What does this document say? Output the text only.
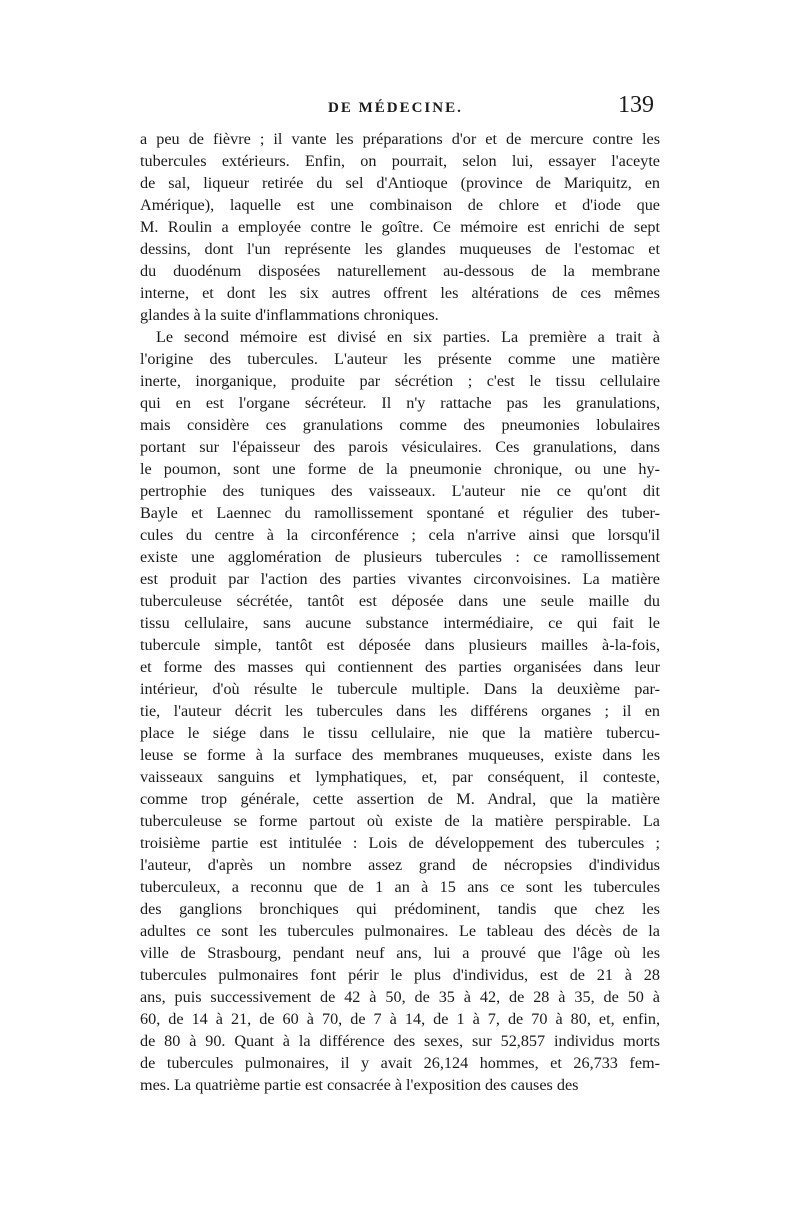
DE MÉDECINE.	139

a peu de fièvre ; il vante les préparations d'or et de mercure contre les
tubercules extérieurs. Enfin, on pourrait, selon lui, essayer l'aceyte
de sal, liqueur retirée du sel d'Antioque (province de Mariquitz, en
Amérique), laquelle est une combinaison de chlore et d'iode que
M. Roulin a employée contre le goître. Ce mémoire est enrichi de sept
dessins, dont l'un représente les glandes muqueuses de l'estomac et
du duodénum disposées naturellement au-dessous de la membrane
interne, et dont les six autres offrent les altérations de ces mêmes
glandes à la suite d'inflammations chroniques.

Le second mémoire est divisé en six parties. La première a trait à
l'origine des tubercules. L'auteur les présente comme une matière
inerte, inorganique, produite par sécrétion ; c'est le tissu cellulaire
qui en est l'organe sécréteur. Il n'y rattache pas les granulations,
mais considère ces granulations comme des pneumonies lobulaires
portant sur l'épaisseur des parois vésiculaires. Ces granulations, dans
le poumon, sont une forme de la pneumonie chronique, ou une hy-
pertrophie des tuniques des vaisseaux. L'auteur nie ce qu'ont dit
Bayle et Laennec du ramollissement spontané et régulier des tuber-
cules du centre à la circonférence ; cela n'arrive ainsi que lorsqu'il
existe une agglomération de plusieurs tubercules : ce ramollissement
est produit par l'action des parties vivantes circonvoisines. La matière
tuberculeuse sécrétée, tantôt est déposée dans une seule maille du
tissu cellulaire, sans aucune substance intermédiaire, ce qui fait le
tubercule simple, tantôt est déposée dans plusieurs mailles à-la-fois,
et forme des masses qui contiennent des parties organisées dans leur
intérieur, d'où résulte le tubercule multiple. Dans la deuxième par-
tie, l'auteur décrit les tubercules dans les différens organes ; il en
place le siége dans le tissu cellulaire, nie que la matière tubercu-
leuse se forme à la surface des membranes muqueuses, existe dans les
vaisseaux sanguins et lymphatiques, et, par conséquent, il conteste,
comme trop générale, cette assertion de M. Andral, que la matière
tuberculeuse se forme partout où existe de la matière perspirable. La
troisième partie est intitulée : Lois de développement des tubercules ;
l'auteur, d'après un nombre assez grand de nécropsies d'individus
tuberculeux, a reconnu que de 1 an à 15 ans ce sont les tubercules
des ganglions bronchiques qui prédominent, tandis que chez les
adultes ce sont les tubercules pulmonaires. Le tableau des décès de la
ville de Strasbourg, pendant neuf ans, lui a prouvé que l'âge où les
tubercules pulmonaires font périr le plus d'individus, est de 21 à 28
ans, puis successivement de 42 à 50, de 35 à 42, de 28 à 35, de 50 à
60, de 14 à 21, de 60 à 70, de 7 à 14, de 1 à 7, de 70 à 80, et, enfin,
de 80 à 90. Quant à la différence des sexes, sur 52,857 individus morts
de tubercules pulmonaires, il y avait 26,124 hommes, et 26,733 fem-
mes. La quatrième partie est consacrée à l'exposition des causes des
